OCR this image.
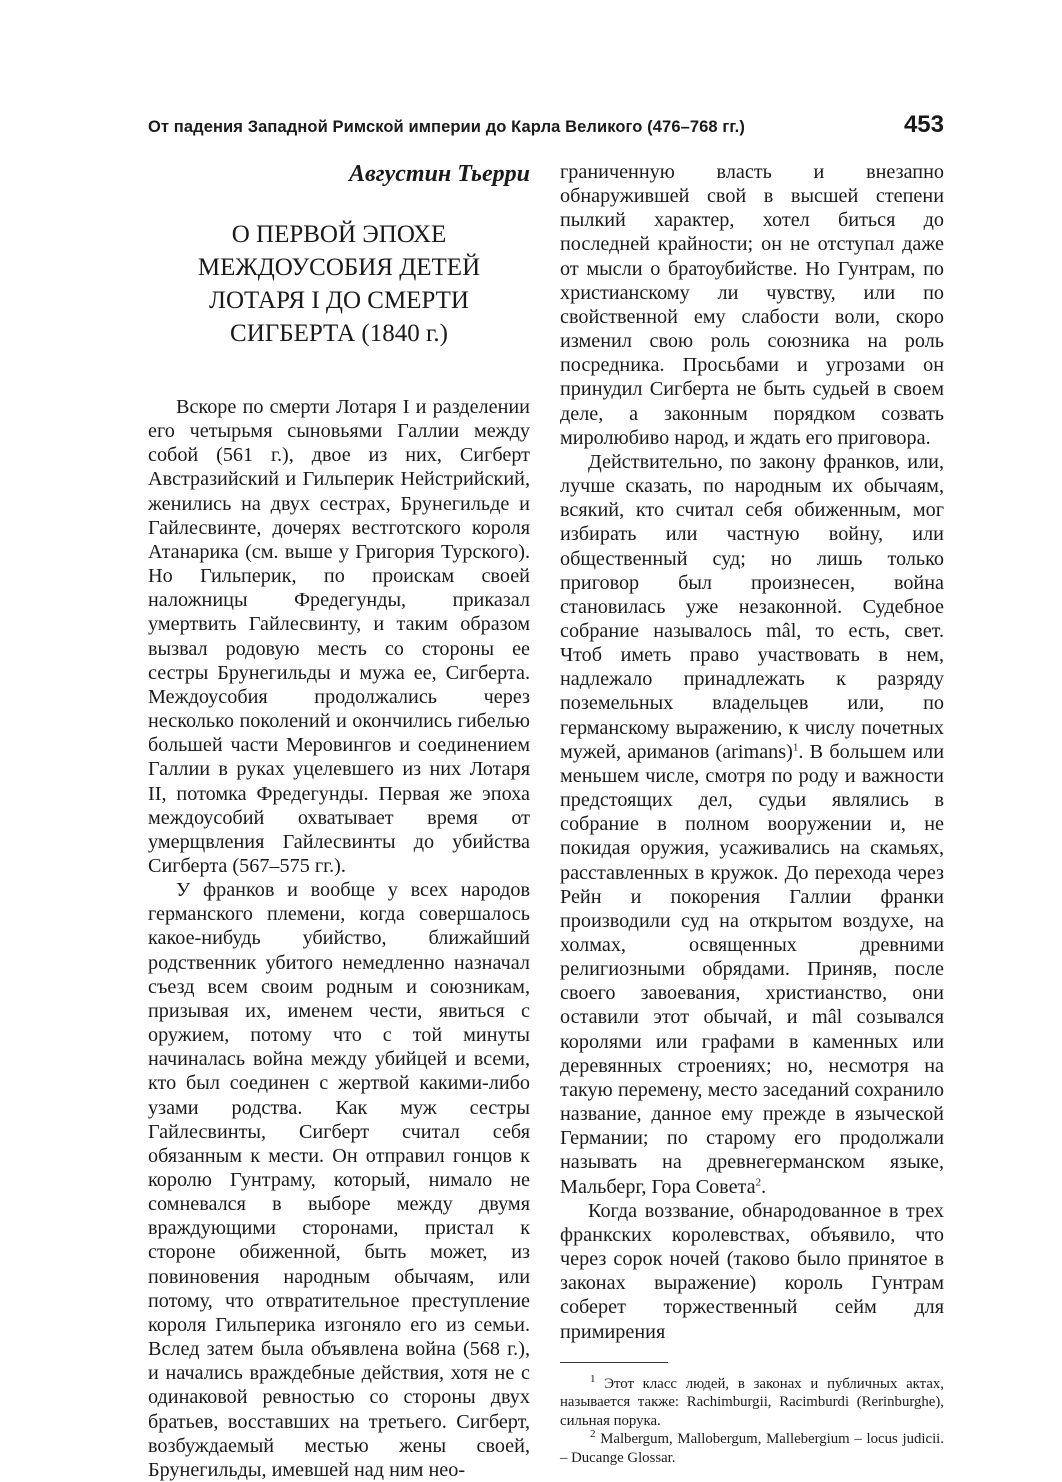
От падения Западной Римской империи до Карла Великого (476–768 гг.)	453
Августин Тьерри
О ПЕРВОЙ ЭПОХЕ МЕЖДОУСОБИЯ ДЕТЕЙ ЛОТАРЯ I ДО СМЕРТИ СИГБЕРТА (1840 г.)

Вскоре по смерти Лотаря I и разделении его четырьмя сыновьями Галлии между собой (561 г.), двое из них, Сигберт Австразийский и Гильперик Нейстрийский, женились на двух сестрах, Брунегильде и Гайлесвинте, дочерях вестготского короля Атанарика (см. выше у Григория Турского). Но Гильперик, по проискам своей наложницы Фредегунды, приказал умертвить Гайлесвинту, и таким образом вызвал родовую месть со стороны ее сестры Брунегильды и мужа ее, Сигберта. Междоусобия продолжались через несколько поколений и окончились гибелью большей части Меровингов и соединением Галлии в руках уцелевшего из них Лотаря II, потомка Фредегунды. Первая же эпоха междоусобий охватывает время от умерщвления Гайлесвинты до убийства Сигберта (567–575 гг.).

У франков и вообще у всех народов германского племени, когда совершалось какое-нибудь убийство, ближайший родственник убитого немедленно назначал съезд всем своим родным и союзникам, призывая их, именем чести, явиться с оружием, потому что с той минуты начиналась война между убийцей и всеми, кто был соединен с жертвой какими-либо узами родства. Как муж сестры Гайлесвинты, Сигберт считал себя обязанным к мести. Он отправил гонцов к королю Гунтраму, который, нимало не сомневался в выборе между двумя враждующими сторонами, пристал к стороне обиженной, быть может, из повиновения народным обычаям, или потому, что отвратительное преступление короля Гильперика изгоняло его из семьи. Вслед затем была объявлена война (568 г.), и начались враждебные действия, хотя не с одинаковой ревностью со стороны двух братьев, восставших на третьего. Сигберт, возбуждаемый местью жены своей, Брунегильды, имевшей над ним нео-

граниченную власть и внезапно обнаружившей свой в высшей степени пылкий характер, хотел биться до последней крайности; он не отступал даже от мысли о братоубийстве. Но Гунтрам, по христианскому ли чувству, или по свойственной ему слабости воли, скоро изменил свою роль союзника на роль посредника. Просьбами и угрозами он принудил Сигберта не быть судьей в своем деле, а законным порядком созвать миролюбиво народ, и ждать его приговора.

Действительно, по закону франков, или, лучше сказать, по народным их обычаям, всякий, кто считал себя обиженным, мог избирать или частную войну, или общественный суд; но лишь только приговор был произнесен, война становилась уже незаконной. Судебное собрание называлось mâl, то есть, свет. Чтоб иметь право участвовать в нем, надлежало принадлежать к разряду поземельных владельцев или, по германскому выражению, к числу почетных мужей, ариманов (arimans)$^1$. В большем или меньшем числе, смотря по роду и важности предстоящих дел, судьи являлись в собрание в полном вооружении и, не покидая оружия, усаживались на скамьях, расставленных в кружок. До перехода через Рейн и покорения Галлии франки производили суд на открытом воздухе, на холмах, освященных древними религиозными обрядами. Приняв, после своего завоевания, христианство, они оставили этот обычай, и mâl созывался королями или графами в каменных или деревянных строениях; но, несмотря на такую перемену, место заседаний сохранило название, данное ему прежде в языческой Германии; по старому его продолжали называть на древнегерманском языке, Мальберг, Гора Совета$^2$.

Когда воззвание, обнародованное в трех франкских королевствах, объявило, что через сорок ночей (таково было принятое в законах выражение) король Гунтрам соберет торжественный сейм для примирения

$^1$ Этот класс людей, в законах и публичных актах, называется также: Rachimburgii, Racimburdi (Rerinburghe), сильная порука.

$^2$ Malbergum, Mallobergum, Mallebergium – locus judicii. – Ducange Glossar.
